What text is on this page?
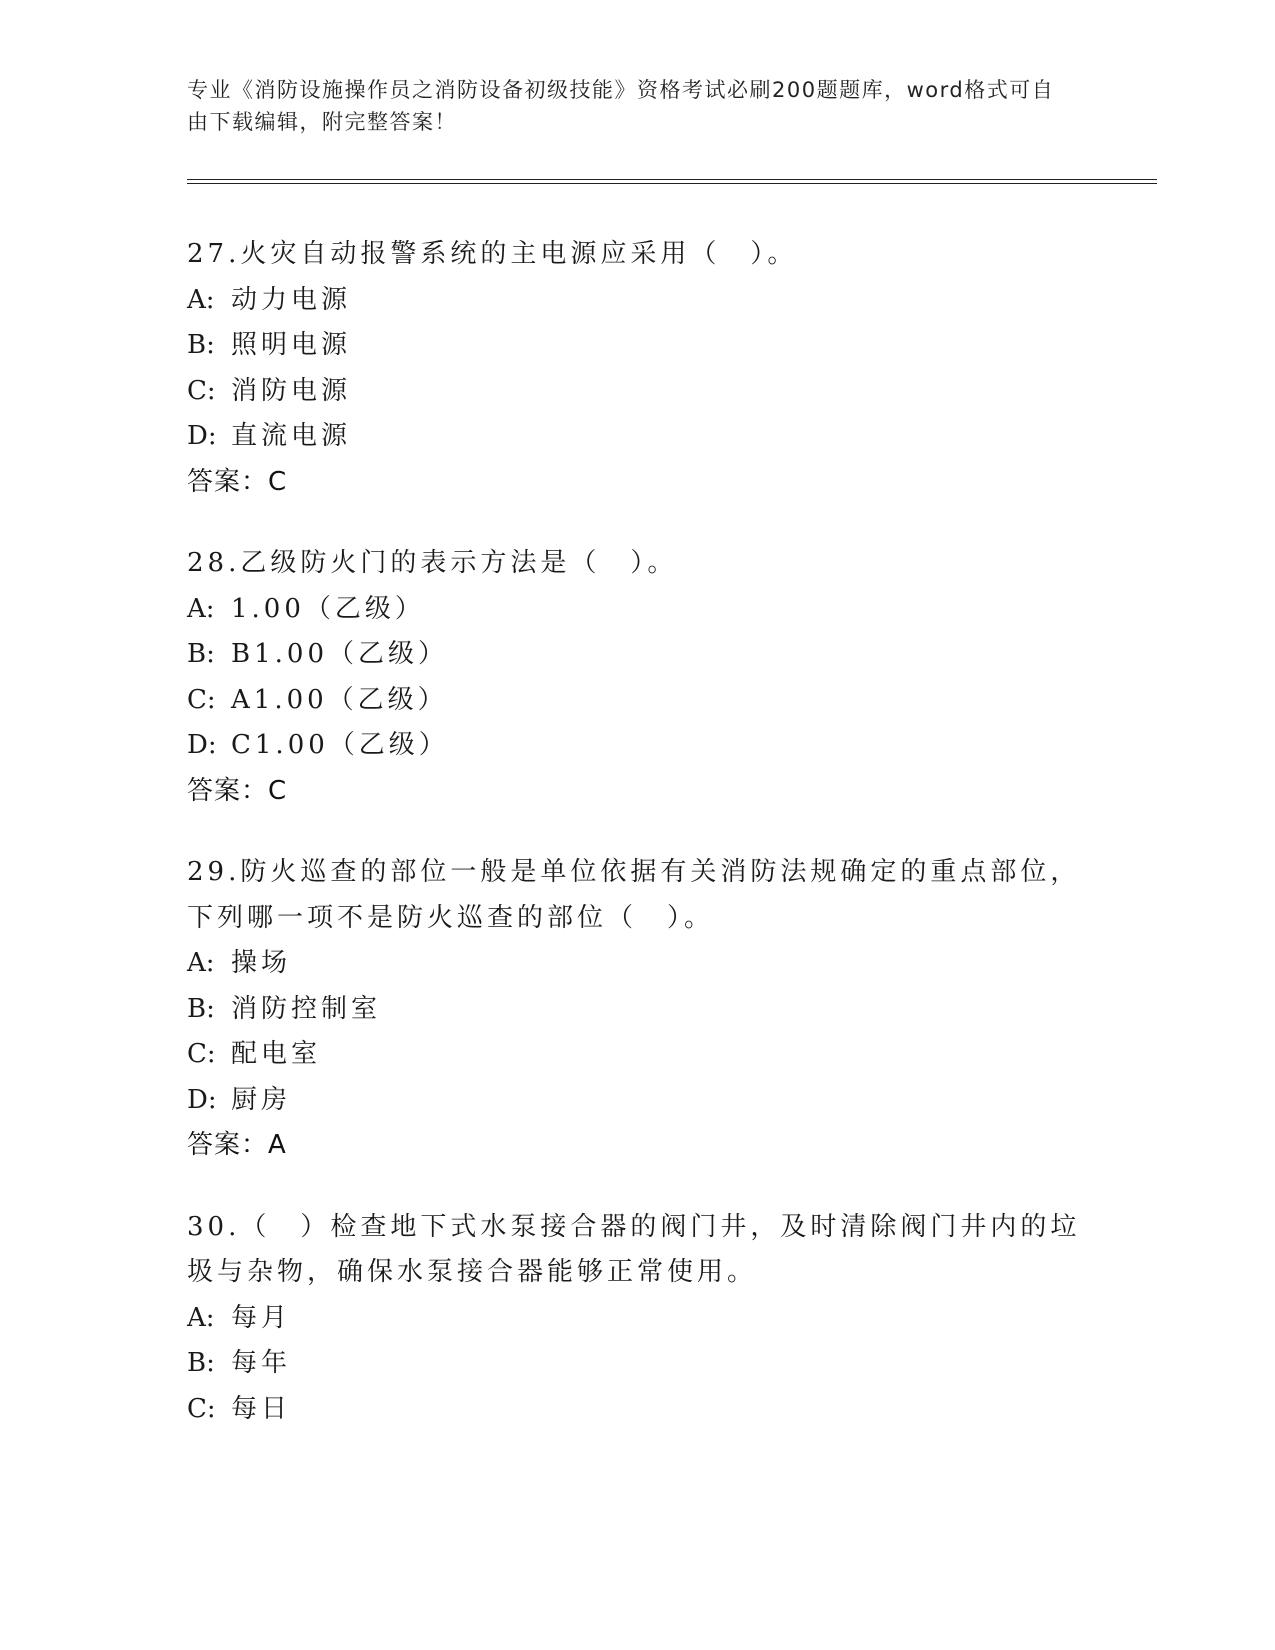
专业《消防设施操作员之消防设备初级技能》资格考试必刷200题题库，word格式可自由下载编辑，附完整答案！
27.火灾自动报警系统的主电源应采用（　）。
A: 动力电源
B: 照明电源
C: 消防电源
D: 直流电源
答案：C
28.乙级防火门的表示方法是（　）。
A: 1.00（乙级）
B: B1.00（乙级）
C: A1.00（乙级）
D: C1.00（乙级）
答案：C
29.防火巡查的部位一般是单位依据有关消防法规确定的重点部位，下列哪一项不是防火巡查的部位（　）。
A: 操场
B: 消防控制室
C: 配电室
D: 厨房
答案：A
30.（　）检查地下式水泵接合器的阀门井，及时清除阀门井内的垃圾与杂物，确保水泵接合器能够正常使用。
A: 每月
B: 每年
C: 每日
